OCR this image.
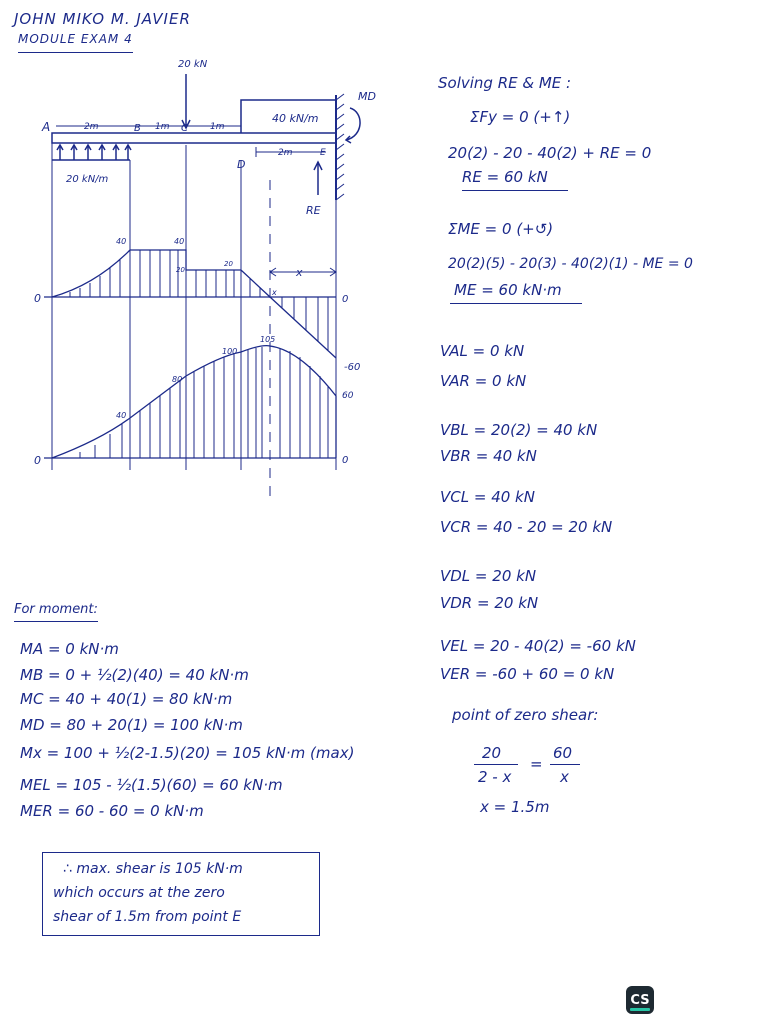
JOHN MIKO M. JAVIER
MODULE EXAM 4
20 kN
40 kN/m
20 kN/m
MD
RE
A	B	C
D
E
2m	1m	1m
2m
0	0
40	40
20
20
-60
x
x
0	0
40
80
100
105
60
Solving RE & ME :
ΣFy = 0 (+↑)
20(2) - 20 - 40(2) + RE = 0
RE = 60 kN
ΣME = 0 (+↺)
20(2)(5) - 20(3) - 40(2)(1) - ME = 0
ME = 60 kN·m
VAL = 0 kN
VAR = 0 kN
VBL = 20(2) = 40 kN
VBR = 40 kN
VCL = 40 kN
VCR = 40 - 20 = 20 kN
VDL = 20 kN
VDR = 20 kN
VEL = 20 - 40(2) = -60 kN
VER = -60 + 60 = 0 kN
point of zero shear:
20
2 - x
=
60
x
x = 1.5m
For moment:
MA = 0 kN·m
MB = 0 + ½(2)(40) = 40 kN·m
MC = 40 + 40(1) = 80 kN·m
MD = 80 + 20(1) = 100 kN·m
Mx = 100 + ½(2-1.5)(20) = 105 kN·m (max)
MEL = 105 - ½(1.5)(60) = 60 kN·m
MER = 60 - 60 = 0 kN·m
∴ max. shear is 105 kN·m
which occurs at the zero
shear of 1.5m from point E
CS
